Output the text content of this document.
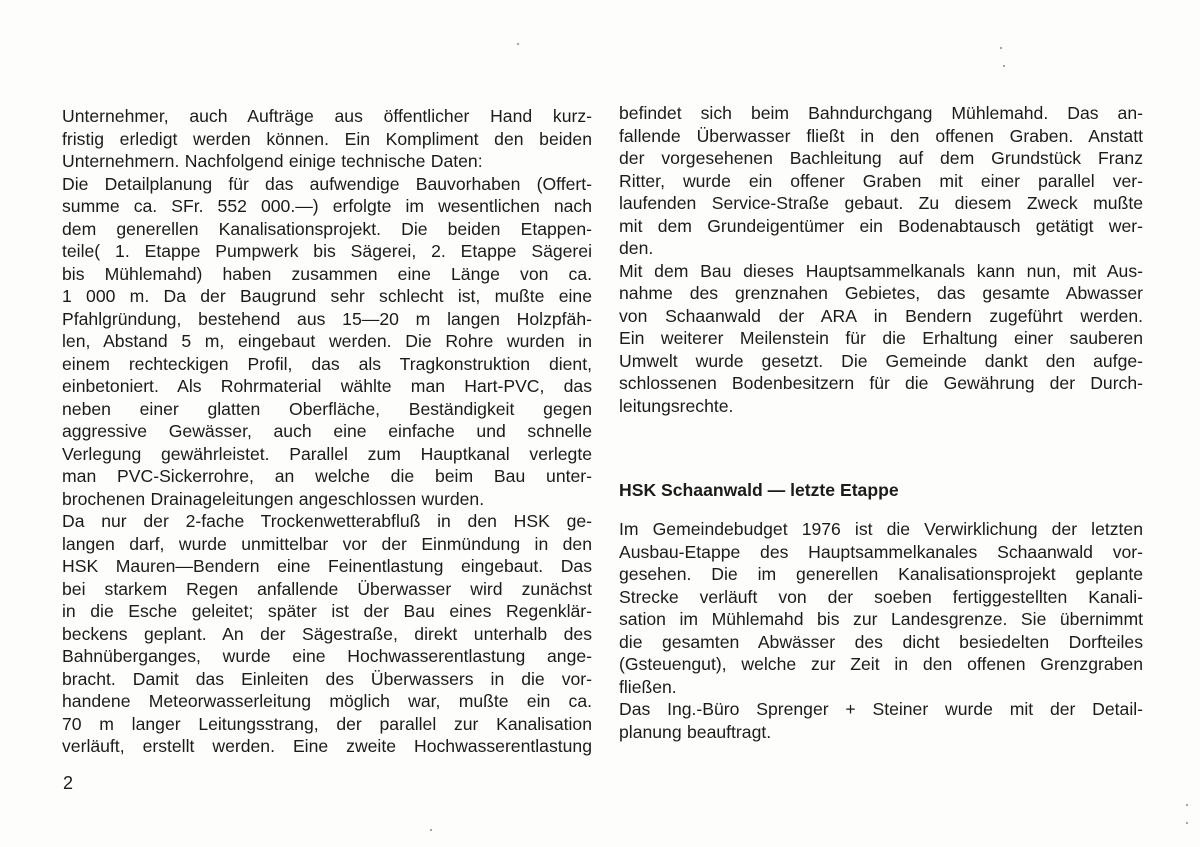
Unternehmer, auch Aufträge aus öffentlicher Hand kurz-
fristig erledigt werden können. Ein Kompliment den beiden
Unternehmern. Nachfolgend einige technische Daten:
Die Detailplanung für das aufwendige Bauvorhaben (Offert-
summe ca. SFr. 552 000.—) erfolgte im wesentlichen nach
dem generellen Kanalisationsprojekt. Die beiden Etappen-
teile( 1. Etappe Pumpwerk bis Sägerei, 2. Etappe Sägerei
bis Mühlemahd) haben zusammen eine Länge von ca.
1 000 m. Da der Baugrund sehr schlecht ist, mußte eine
Pfahlgründung, bestehend aus 15—20 m langen Holzpfäh-
len, Abstand 5 m, eingebaut werden. Die Rohre wurden in
einem rechteckigen Profil, das als Tragkonstruktion dient,
einbetoniert. Als Rohrmaterial wählte man Hart-PVC, das
neben einer glatten Oberfläche, Beständigkeit gegen
aggressive Gewässer, auch eine einfache und schnelle
Verlegung gewährleistet. Parallel zum Hauptkanal verlegte
man PVC-Sickerrohre, an welche die beim Bau unter-
brochenen Drainageleitungen angeschlossen wurden.
Da nur der 2-fache Trockenwetterabfluß in den HSK ge-
langen darf, wurde unmittelbar vor der Einmündung in den
HSK Mauren—Bendern eine Feinentlastung eingebaut. Das
bei starkem Regen anfallende Überwasser wird zunächst
in die Esche geleitet; später ist der Bau eines Regenklär-
beckens geplant. An der Sägestraße, direkt unterhalb des
Bahnüberganges, wurde eine Hochwasserentlastung ange-
bracht. Damit das Einleiten des Überwassers in die vor-
handene Meteorwasserleitung möglich war, mußte ein ca.
70 m langer Leitungsstrang, der parallel zur Kanalisation
verläuft, erstellt werden. Eine zweite Hochwasserentlastung
befindet sich beim Bahndurchgang Mühlemahd. Das an-
fallende Überwasser fließt in den offenen Graben. Anstatt
der vorgesehenen Bachleitung auf dem Grundstück Franz
Ritter, wurde ein offener Graben mit einer parallel ver-
laufenden Service-Straße gebaut. Zu diesem Zweck mußte
mit dem Grundeigentümer ein Bodenabtausch getätigt wer-
den.
Mit dem Bau dieses Hauptsammelkanals kann nun, mit Aus-
nahme des grenznahen Gebietes, das gesamte Abwasser
von Schaanwald der ARA in Bendern zugeführt werden.
Ein weiterer Meilenstein für die Erhaltung einer sauberen
Umwelt wurde gesetzt. Die Gemeinde dankt den aufge-
schlossenen Bodenbesitzern für die Gewährung der Durch-
leitungsrechte.
HSK Schaanwald — letzte Etappe
Im Gemeindebudget 1976 ist die Verwirklichung der letzten
Ausbau-Etappe des Hauptsammelkanales Schaanwald vor-
gesehen. Die im generellen Kanalisationsprojekt geplante
Strecke verläuft von der soeben fertiggestellten Kanali-
sation im Mühlemahd bis zur Landesgrenze. Sie übernimmt
die gesamten Abwässer des dicht besiedelten Dorfteiles
(Gsteuengut), welche zur Zeit in den offenen Grenzgraben
fließen.
Das Ing.-Büro Sprenger + Steiner wurde mit der Detail-
planung beauftragt.
2
